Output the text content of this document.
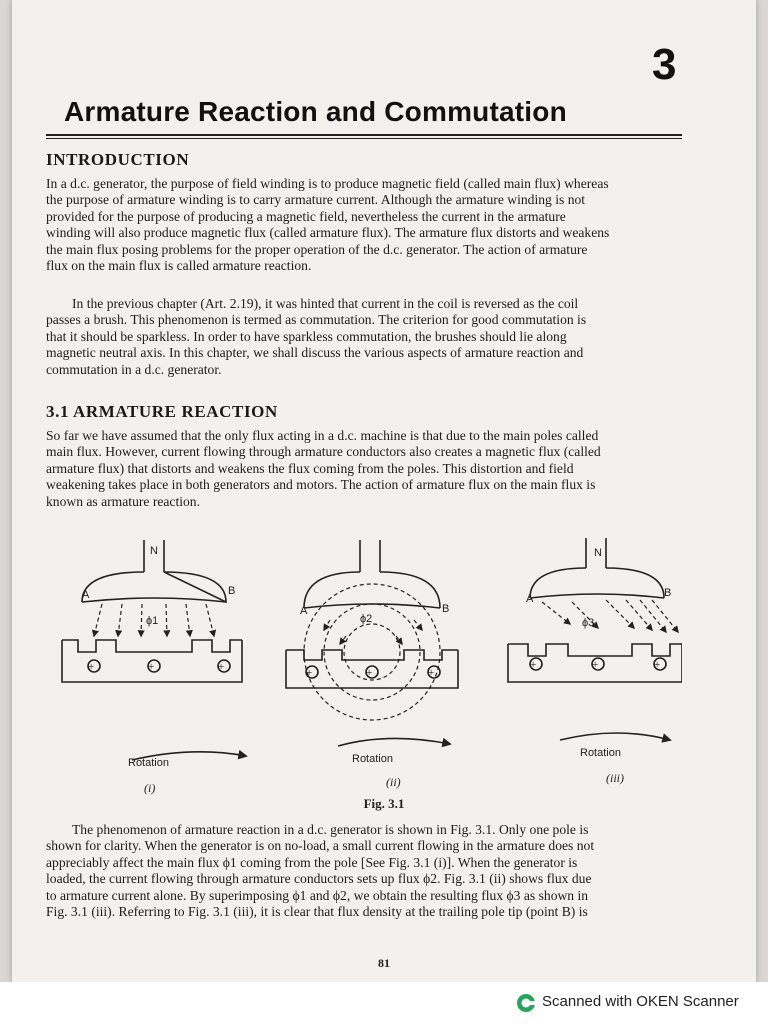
3
Armature Reaction and Commutation
INTRODUCTION
In a d.c. generator, the purpose of field winding is to produce magnetic field (called main flux) whereas
the purpose of armature winding is to carry armature current. Although the armature winding is not
provided for the purpose of producing a magnetic field, nevertheless the current in the armature
winding will also produce magnetic flux (called armature flux). The armature flux distorts and weakens
the main flux posing problems for the proper operation of the d.c. generator. The action of armature
flux on the main flux is called armature reaction.
In the previous chapter (Art. 2.19), it was hinted that current in the coil is reversed as the coil
passes a brush. This phenomenon is termed as commutation. The criterion for good commutation is
that it should be sparkless. In order to have sparkless commutation, the brushes should lie along
magnetic neutral axis. In this chapter, we shall discuss the various aspects of armature reaction and
commutation in a d.c. generator.
3.1 ARMATURE REACTION
So far we have assumed that the only flux acting in a d.c. machine is that due to the main poles called
main flux. However, current flowing through armature conductors also creates a magnetic flux (called
armature flux) that distorts and weakens the flux coming from the poles. This distortion and field
weakening takes place in both generators and motors. The action of armature flux on the main flux is
known as armature reaction.
N
A	B
ϕ1
Rotation
(i)
+	+	+
A	B
ϕ2
Rotation
(ii)
+	+	+
N
A	B
ϕ3
Rotation
(iii)
+	+	+
Fig. 3.1
The phenomenon of armature reaction in a d.c. generator is shown in Fig. 3.1. Only one pole is
shown for clarity. When the generator is on no-load, a small current flowing in the armature does not
appreciably affect the main flux ϕ1 coming from the pole [See Fig. 3.1 (i)]. When the generator is
loaded, the current flowing through armature conductors sets up flux ϕ2. Fig. 3.1 (ii) shows flux due
to armature current alone. By superimposing ϕ1 and ϕ2, we obtain the resulting flux ϕ3 as shown in
Fig. 3.1 (iii). Referring to Fig. 3.1 (iii), it is clear that flux density at the trailing pole tip (point B) is
81
Scanned with OKEN Scanner
